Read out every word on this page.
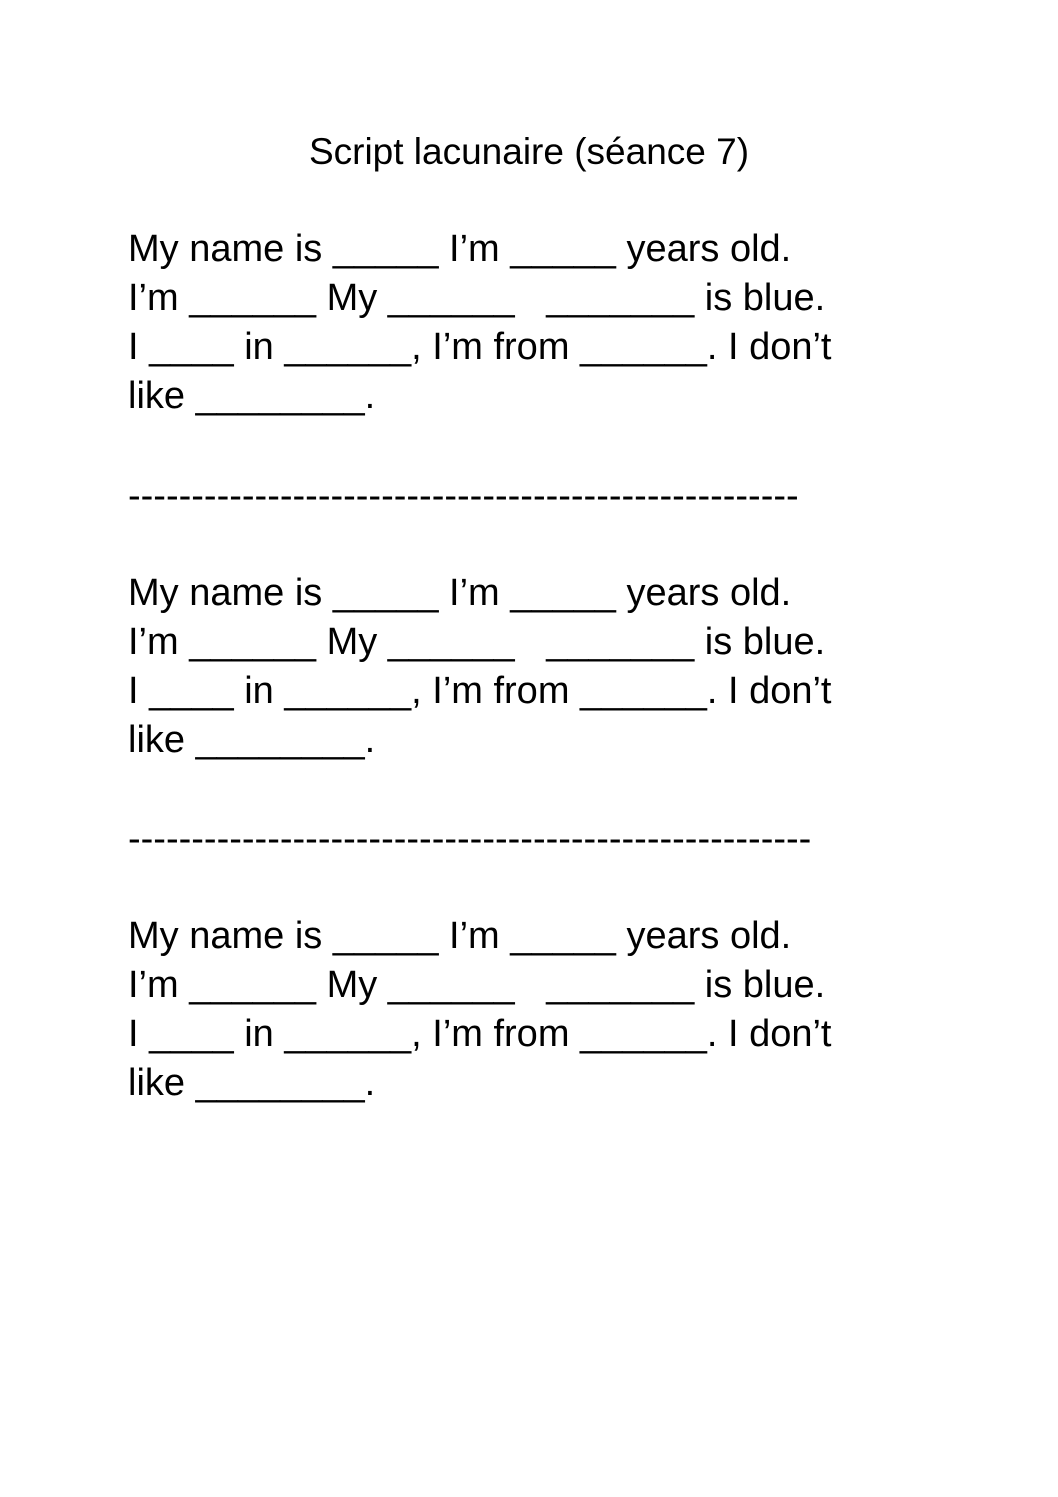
Script lacunaire (séance 7)
My name is _____ I’m _____ years old.
I’m ______ My ______   _______ is blue.
I ____ in ______, I’m from ______. I don’t
like ________.
-----------------------------------------------------
My name is _____ I’m _____ years old.
I’m ______ My ______   _______ is blue.
I ____ in ______, I’m from ______. I don’t
like ________.
------------------------------------------------------
My name is _____ I’m _____ years old.
I’m ______ My ______   _______ is blue.
I ____ in ______, I’m from ______. I don’t
like ________.
